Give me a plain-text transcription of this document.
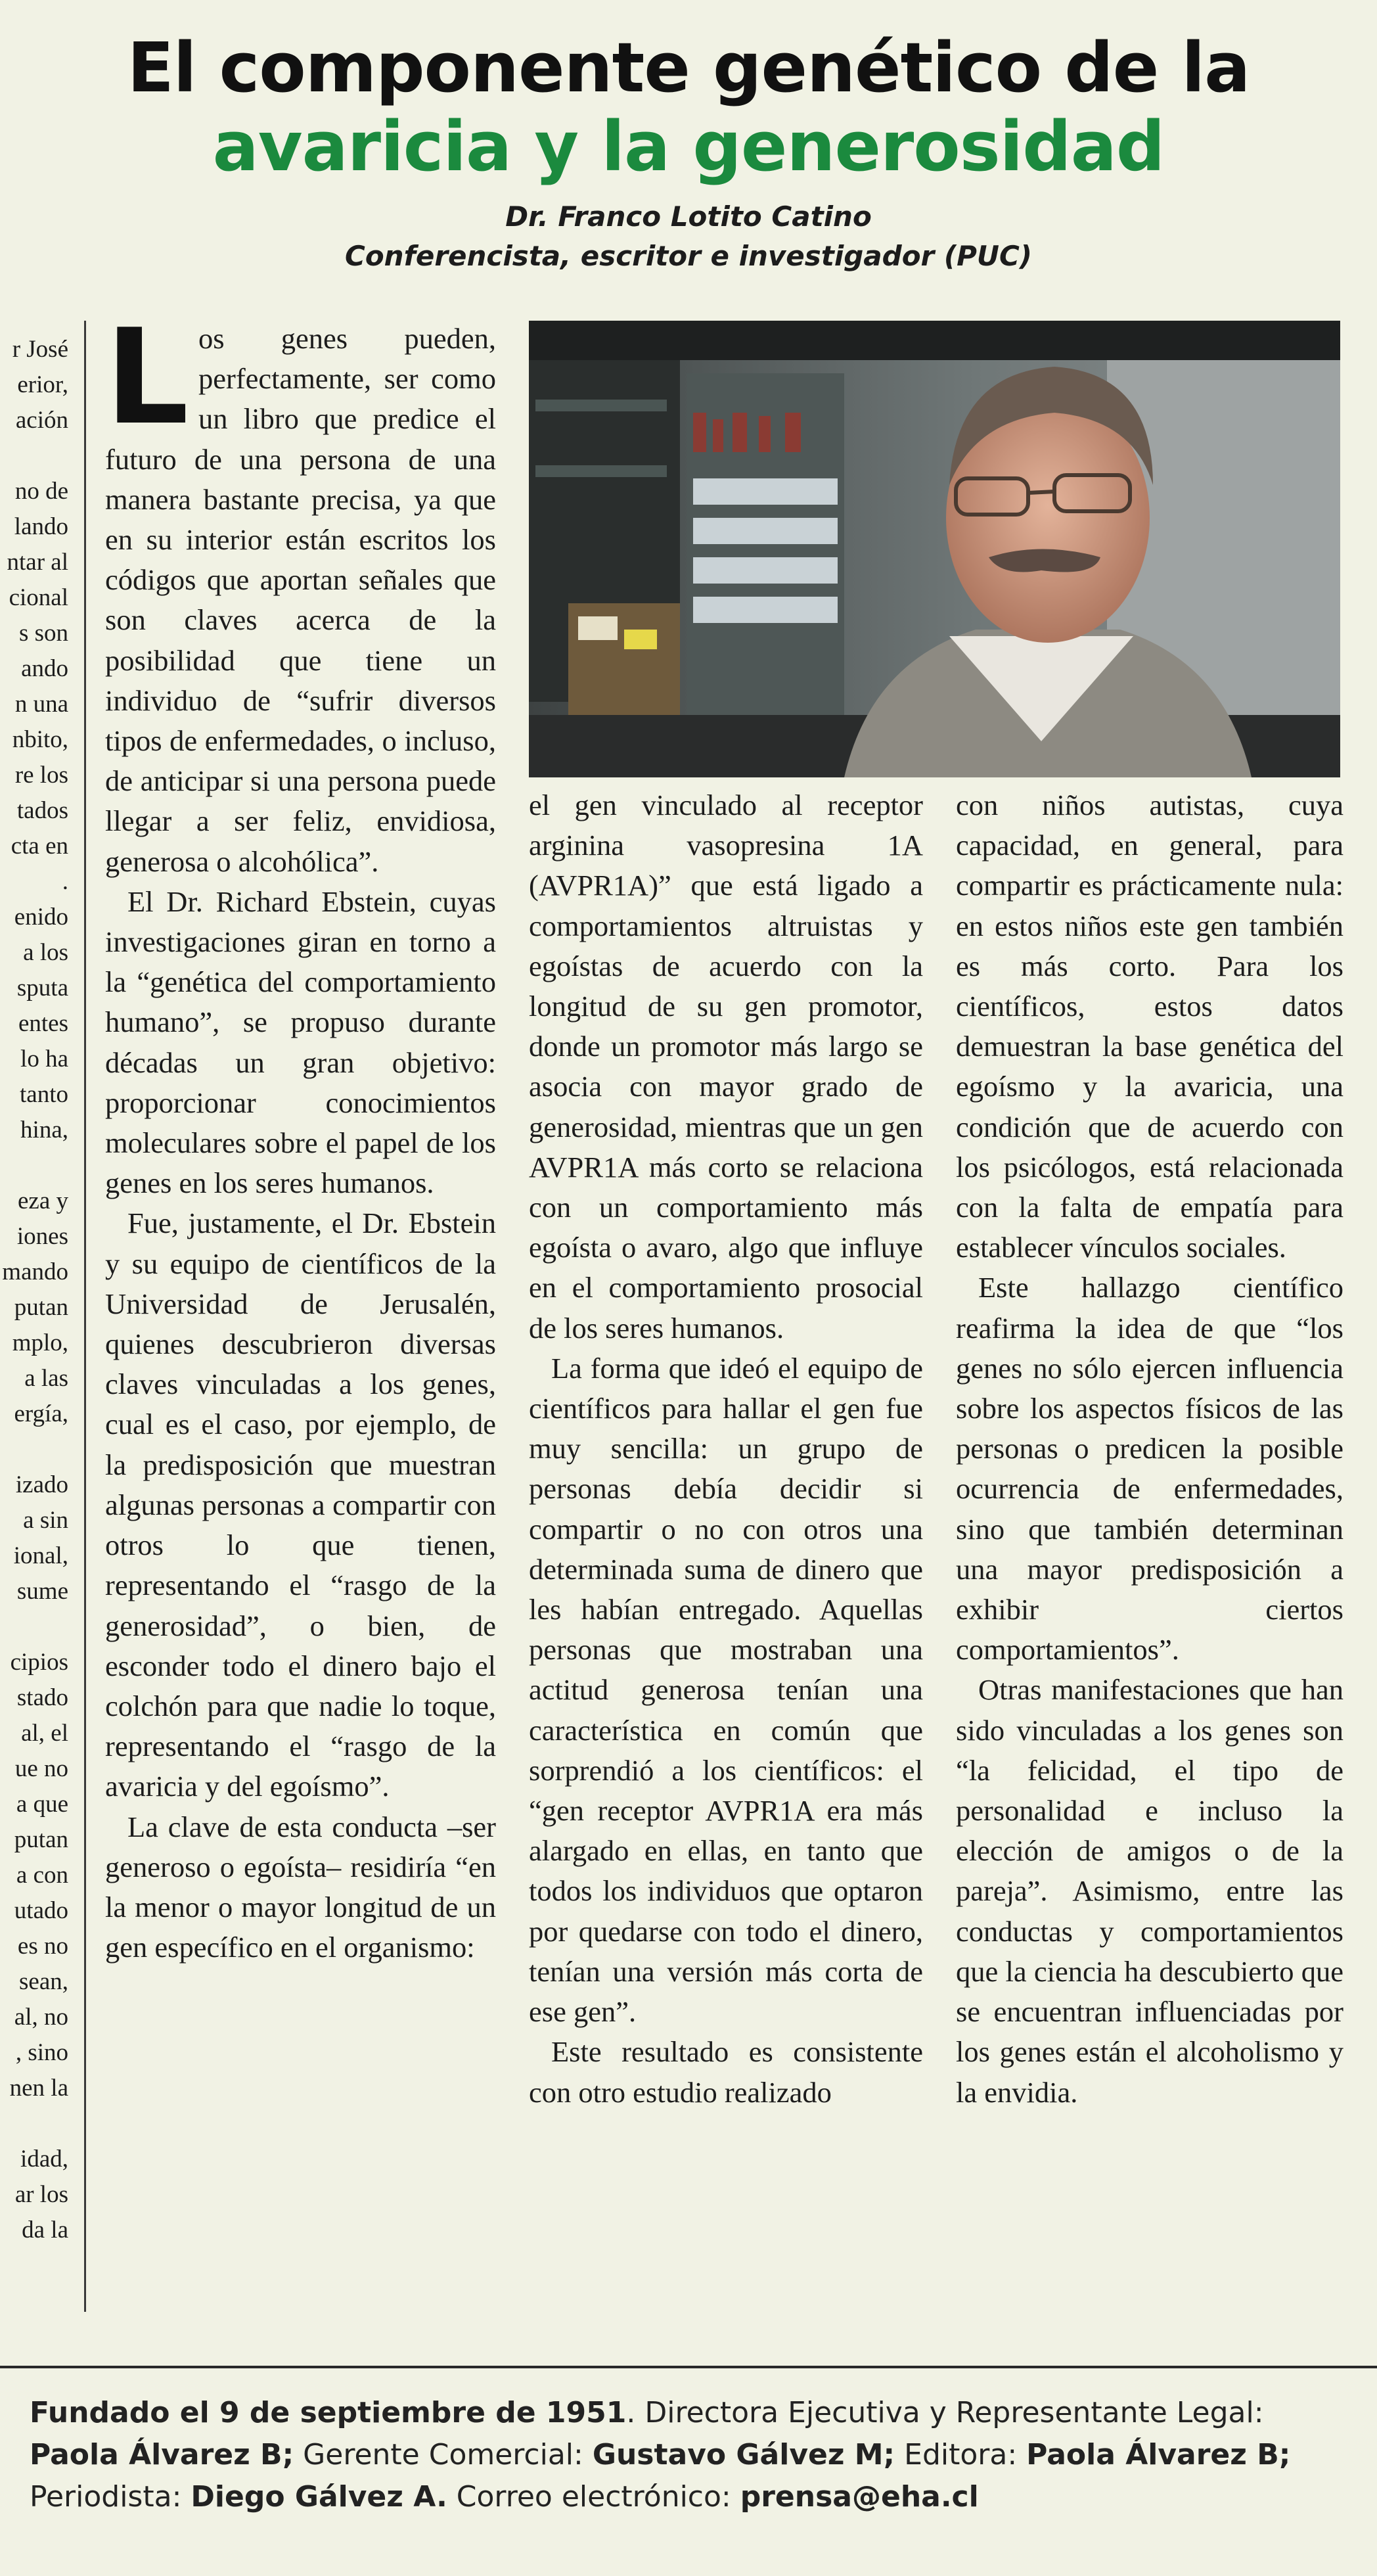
r José
erior,
ación
no de
lando
ntar al
cional
s son
ando
n una
nbito,
re los
tados
cta en
.
enido
a los
sputa
entes
lo ha
tanto
hina,
eza y
iones
mando
putan
mplo,
a las
ergía,
izado
a sin
ional,
sume
cipios
stado
al, el
ue no
a que
putan
a con
utado
es no
sean,
al, no
, sino
nen la
idad,
ar los
da la
El componente genético de la
avaricia y la generosidad
Dr. Franco Lotito Catino
Conferencista, escritor e investigador (PUC)

Los genes pueden, perfectamente, ser como un libro que predice el futuro de una persona de una manera bastante precisa, ya que en su interior están escritos los códigos que aportan señales que son claves acerca de la posibilidad que tiene un individuo de “sufrir diversos tipos de enfermedades, o incluso, de anticipar si una persona puede llegar a ser feliz, envidiosa, generosa o alcohólica”.

El Dr. Richard Ebstein, cuyas investigaciones giran en torno a la “genética del comportamiento humano”, se propuso durante décadas un gran objetivo: proporcionar conocimientos moleculares sobre el papel de los genes en los seres humanos.

Fue, justamente, el Dr. Ebstein y su equipo de científicos de la Universidad de Jerusalén, quienes descubrieron diversas claves vinculadas a los genes, cual es el caso, por ejemplo, de la predisposición que muestran algunas personas a compartir con otros lo que tienen, representando el “rasgo de la generosidad”, o bien, de esconder todo el dinero bajo el colchón para que nadie lo toque, representando el “rasgo de la avaricia y del egoísmo”.

La clave de esta conducta –ser generoso o egoísta– residiría “en la menor o mayor longitud de un gen específico en el organismo:

el gen vinculado al receptor arginina vasopresina 1A (AVPR1A)” que está ligado a comportamientos altruistas y egoístas de acuerdo con la longitud de su gen promotor, donde un promotor más largo se asocia con mayor grado de generosidad, mientras que un gen AVPR1A más corto se relaciona con un comportamiento más egoísta o avaro, algo que influye en el comportamiento prosocial de los seres humanos.

La forma que ideó el equipo de científicos para hallar el gen fue muy sencilla: un grupo de personas debía decidir si compartir o no con otros una determinada suma de dinero que les habían entregado. Aquellas personas que mostraban una actitud generosa tenían una característica en común que sorprendió a los científicos: el “gen receptor AVPR1A era más alargado en ellas, en tanto que todos los individuos que optaron por quedarse con todo el dinero, tenían una versión más corta de ese gen”.

Este resultado es consistente con otro estudio realizado

con niños autistas, cuya capacidad, en general, para compartir es prácticamente nula: en estos niños este gen también es más corto. Para los científicos, estos datos demuestran la base genética del egoísmo y la avaricia, una condición que de acuerdo con los psicólogos, está relacionada con la falta de empatía para establecer vínculos sociales.

Este hallazgo científico reafirma la idea de que “los genes no sólo ejercen influencia sobre los aspectos físicos de las personas o predicen la posible ocurrencia de enfermedades, sino que también determinan una mayor predisposición a exhibir ciertos comportamientos”.

Otras manifestaciones que han sido vinculadas a los genes son “la felicidad, el tipo de personalidad e incluso la elección de amigos o de la pareja”. Asimismo, entre las conductas y comportamientos que la ciencia ha descubierto que se encuentran influenciadas por los genes están el alcoholismo y la envidia.

Fundado el 9 de septiembre de 1951. Directora Ejecutiva y Representante Legal:
Paola Álvarez B; Gerente Comercial: Gustavo Gálvez M; Editora: Paola Álvarez B;
Periodista: Diego Gálvez A. Correo electrónico: prensa@eha.cl
